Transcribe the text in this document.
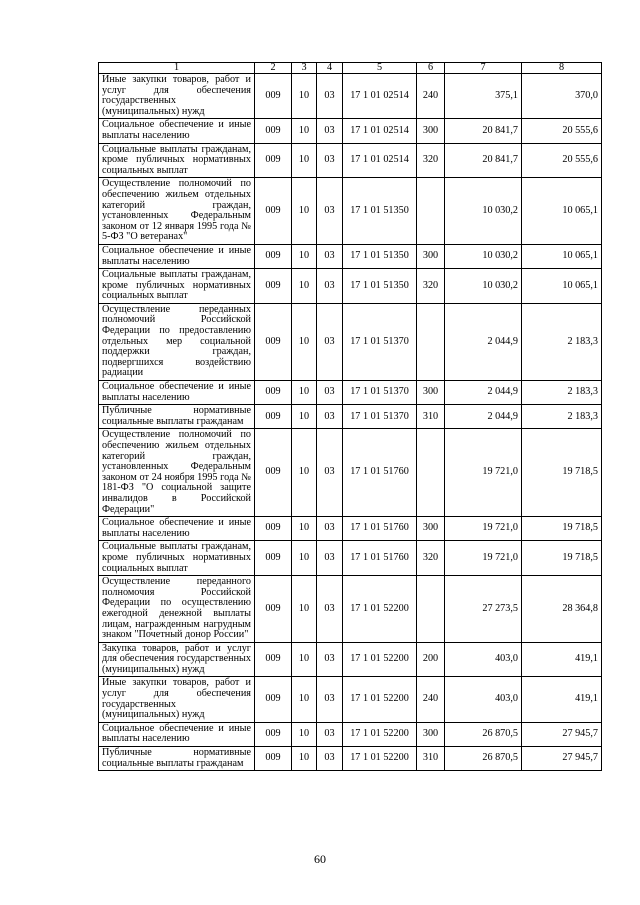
1	2	3	4	5	6	7	8
Иные закупки товаров, работ и услуг для обеспечения государственных (муниципальных) нужд	009	10	03	17 1 01 02514	240	375,1	370,0
Социальное обеспечение и иные выплаты населению	009	10	03	17 1 01 02514	300	20 841,7	20 555,6
Социальные выплаты гражданам, кроме публичных нормативных социальных выплат	009	10	03	17 1 01 02514	320	20 841,7	20 555,6
Осуществление полномочий по обеспечению жильем отдельных категорий граждан, установленных Федеральным законом от 12 января 1995 года № 5-ФЗ "О ветеранах"	009	10	03	17 1 01 51350		10 030,2	10 065,1
Социальное обеспечение и иные выплаты населению	009	10	03	17 1 01 51350	300	10 030,2	10 065,1
Социальные выплаты гражданам, кроме публичных нормативных социальных выплат	009	10	03	17 1 01 51350	320	10 030,2	10 065,1
Осуществление переданных полномочий Российской Федерации по предоставлению отдельных мер социальной поддержки граждан, подвергшихся воздействию радиации	009	10	03	17 1 01 51370		2 044,9	2 183,3
Социальное обеспечение и иные выплаты населению	009	10	03	17 1 01 51370	300	2 044,9	2 183,3
Публичные нормативные социальные выплаты гражданам	009	10	03	17 1 01 51370	310	2 044,9	2 183,3
Осуществление полномочий по обеспечению жильем отдельных категорий граждан, установленных Федеральным законом от 24 ноября 1995 года № 181-ФЗ "О социальной защите инвалидов в Российской Федерации"	009	10	03	17 1 01 51760		19 721,0	19 718,5
Социальное обеспечение и иные выплаты населению	009	10	03	17 1 01 51760	300	19 721,0	19 718,5
Социальные выплаты гражданам, кроме публичных нормативных социальных выплат	009	10	03	17 1 01 51760	320	19 721,0	19 718,5
Осуществление переданного полномочия Российской Федерации по осуществлению ежегодной денежной выплаты лицам, награжденным нагрудным знаком "Почетный донор России"	009	10	03	17 1 01 52200		27 273,5	28 364,8
Закупка товаров, работ и услуг для обеспечения государственных (муниципальных) нужд	009	10	03	17 1 01 52200	200	403,0	419,1
Иные закупки товаров, работ и услуг для обеспечения государственных (муниципальных) нужд	009	10	03	17 1 01 52200	240	403,0	419,1
Социальное обеспечение и иные выплаты населению	009	10	03	17 1 01 52200	300	26 870,5	27 945,7
Публичные нормативные социальные выплаты гражданам	009	10	03	17 1 01 52200	310	26 870,5	27 945,7
60
